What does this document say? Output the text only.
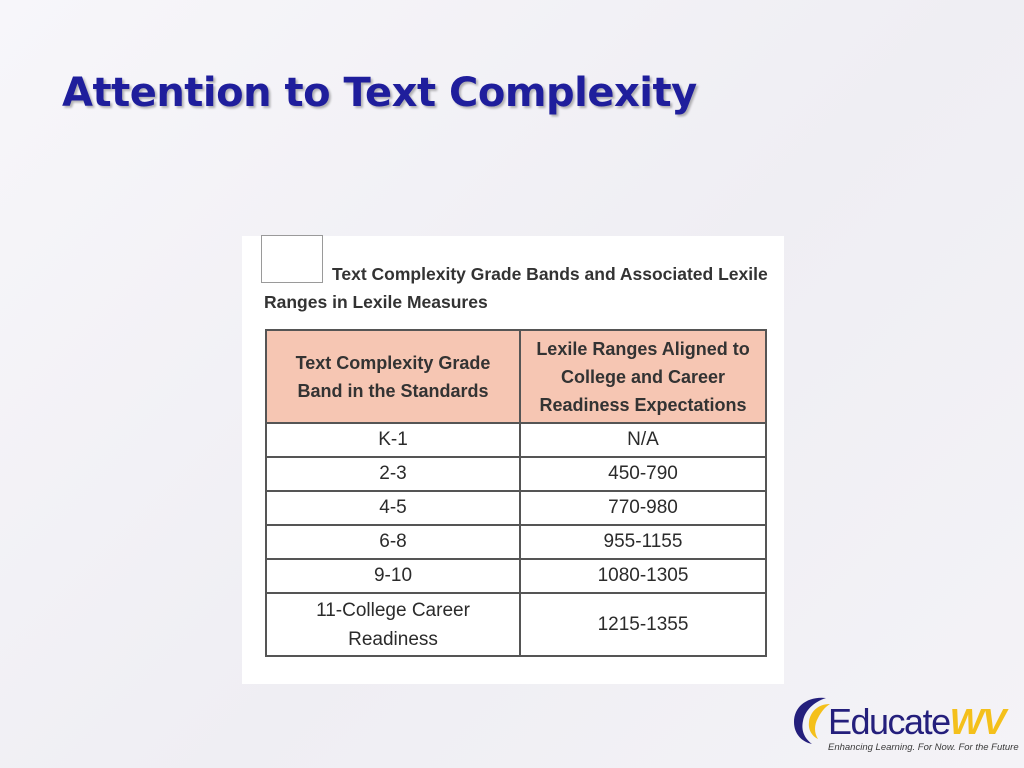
Attention to Text Complexity
Text Complexity Grade Bands and Associated Lexile Ranges in Lexile Measures
Text Complexity Grade Band in the Standards	Lexile Ranges Aligned to College and Career Readiness Expectations
K-1	N/A
2-3	450-790
4-5	770-980
6-8	955-1155
9-10	1080-1305
11-College Career Readiness	1215-1355
EducateWV
Enhancing Learning. For Now. For the Future
